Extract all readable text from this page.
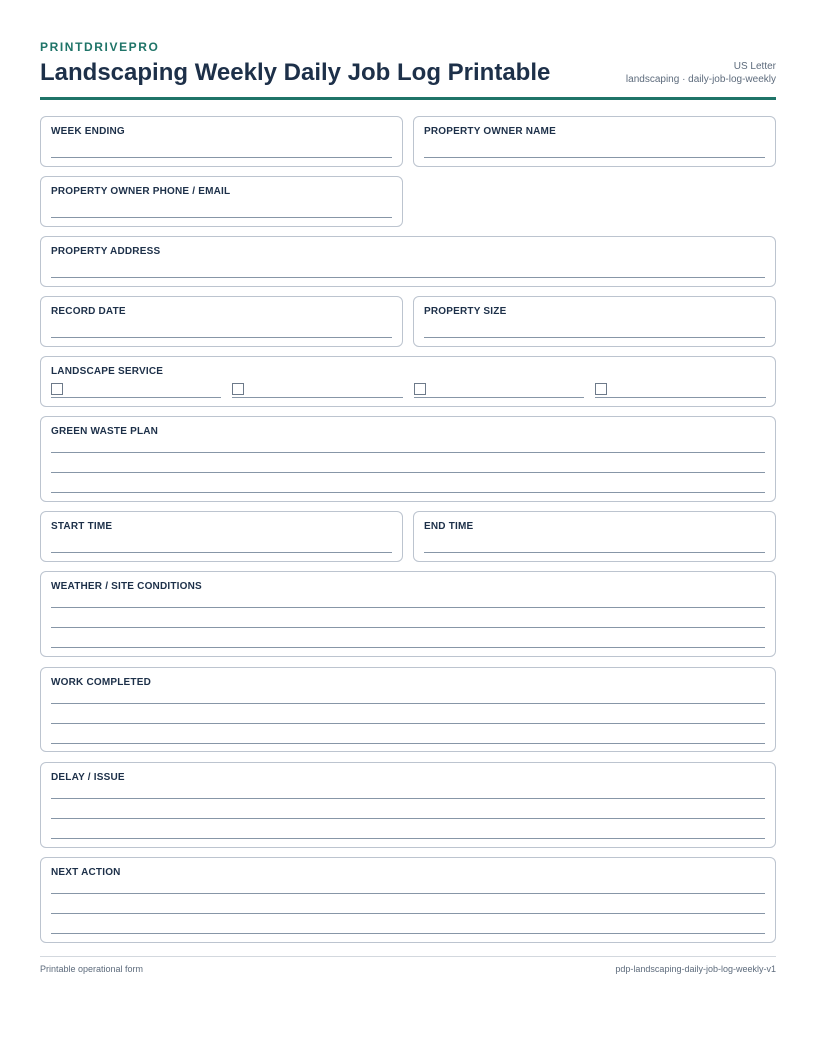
PRINTDRIVEPRO
Landscaping Weekly Daily Job Log Printable	US Letter
landscaping · daily-job-log-weekly
WEEK ENDING	PROPERTY OWNER NAME
PROPERTY OWNER PHONE / EMAIL
PROPERTY ADDRESS
RECORD DATE	PROPERTY SIZE
LANDSCAPE SERVICE
GREEN WASTE PLAN
START TIME	END TIME
WEATHER / SITE CONDITIONS
WORK COMPLETED
DELAY / ISSUE
NEXT ACTION
Printable operational form	pdp-landscaping-daily-job-log-weekly-v1
